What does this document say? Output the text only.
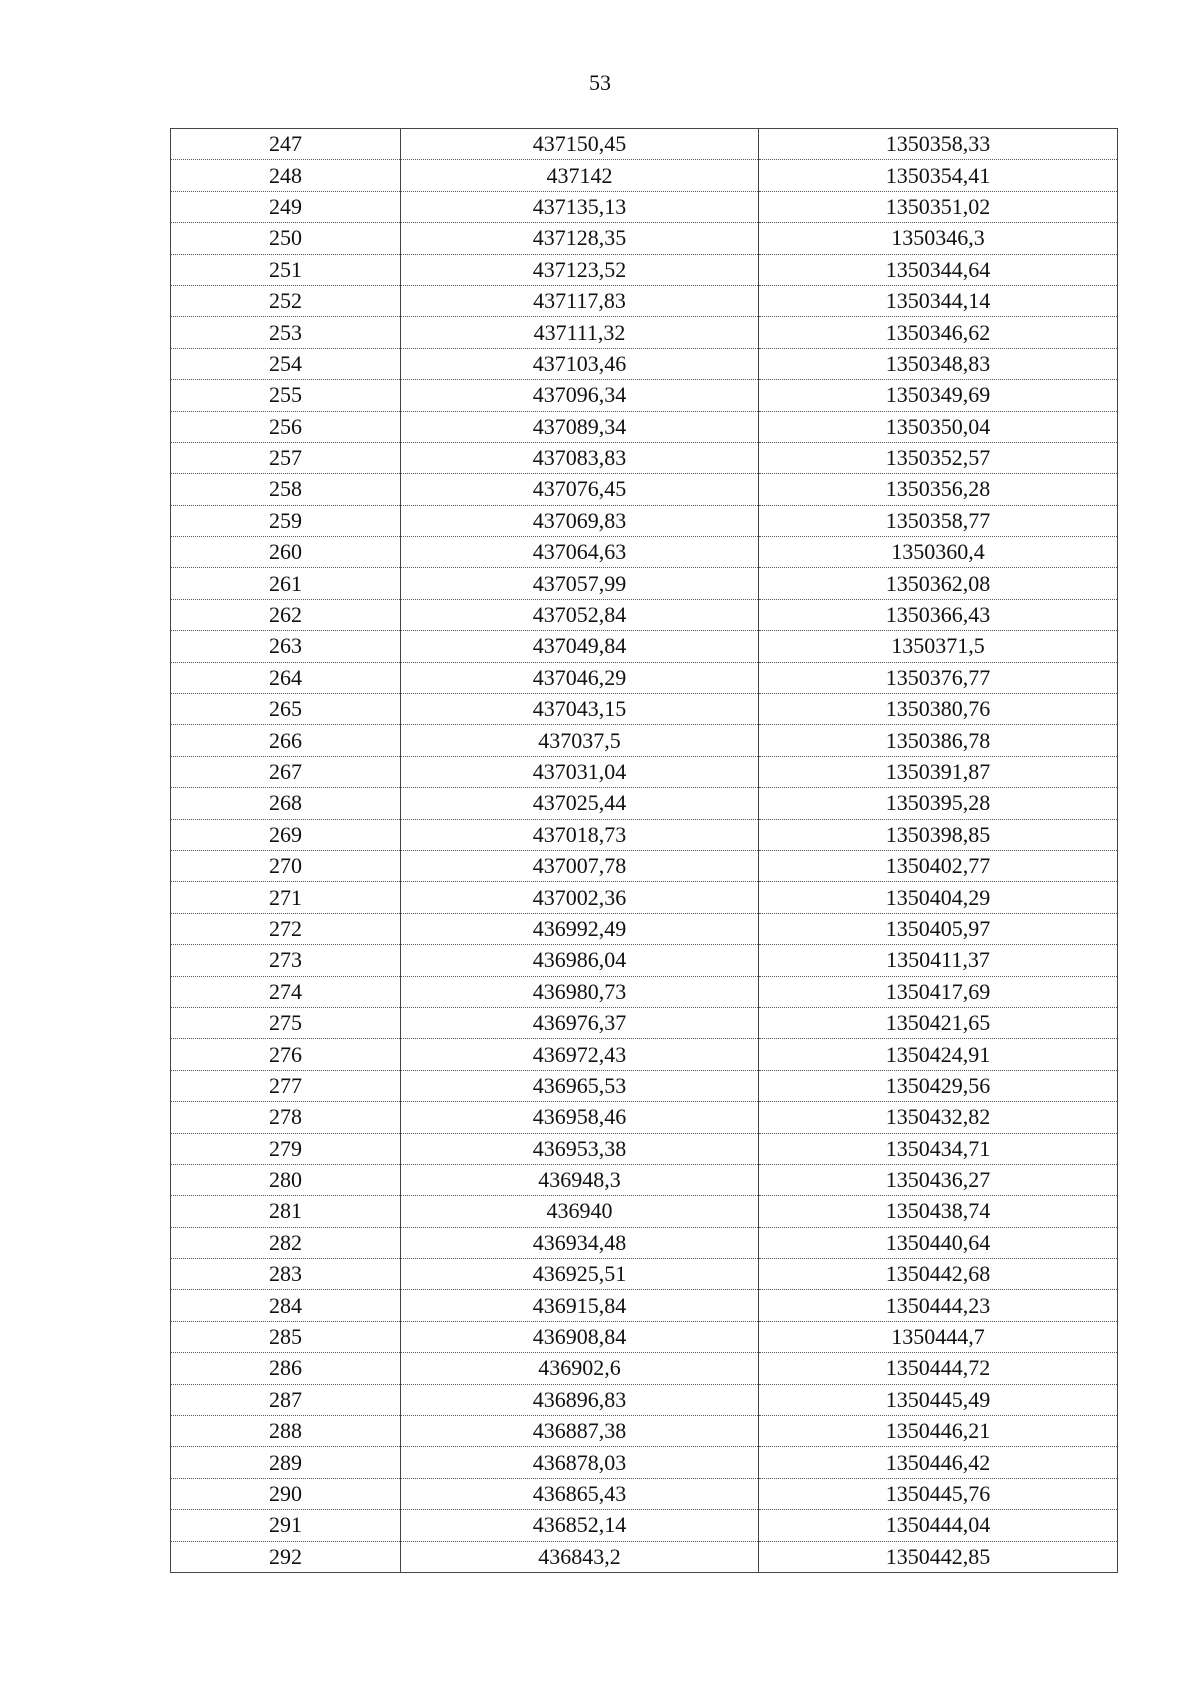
53
247	437150,45	1350358,33
248	437142	1350354,41
249	437135,13	1350351,02
250	437128,35	1350346,3
251	437123,52	1350344,64
252	437117,83	1350344,14
253	437111,32	1350346,62
254	437103,46	1350348,83
255	437096,34	1350349,69
256	437089,34	1350350,04
257	437083,83	1350352,57
258	437076,45	1350356,28
259	437069,83	1350358,77
260	437064,63	1350360,4
261	437057,99	1350362,08
262	437052,84	1350366,43
263	437049,84	1350371,5
264	437046,29	1350376,77
265	437043,15	1350380,76
266	437037,5	1350386,78
267	437031,04	1350391,87
268	437025,44	1350395,28
269	437018,73	1350398,85
270	437007,78	1350402,77
271	437002,36	1350404,29
272	436992,49	1350405,97
273	436986,04	1350411,37
274	436980,73	1350417,69
275	436976,37	1350421,65
276	436972,43	1350424,91
277	436965,53	1350429,56
278	436958,46	1350432,82
279	436953,38	1350434,71
280	436948,3	1350436,27
281	436940	1350438,74
282	436934,48	1350440,64
283	436925,51	1350442,68
284	436915,84	1350444,23
285	436908,84	1350444,7
286	436902,6	1350444,72
287	436896,83	1350445,49
288	436887,38	1350446,21
289	436878,03	1350446,42
290	436865,43	1350445,76
291	436852,14	1350444,04
292	436843,2	1350442,85
